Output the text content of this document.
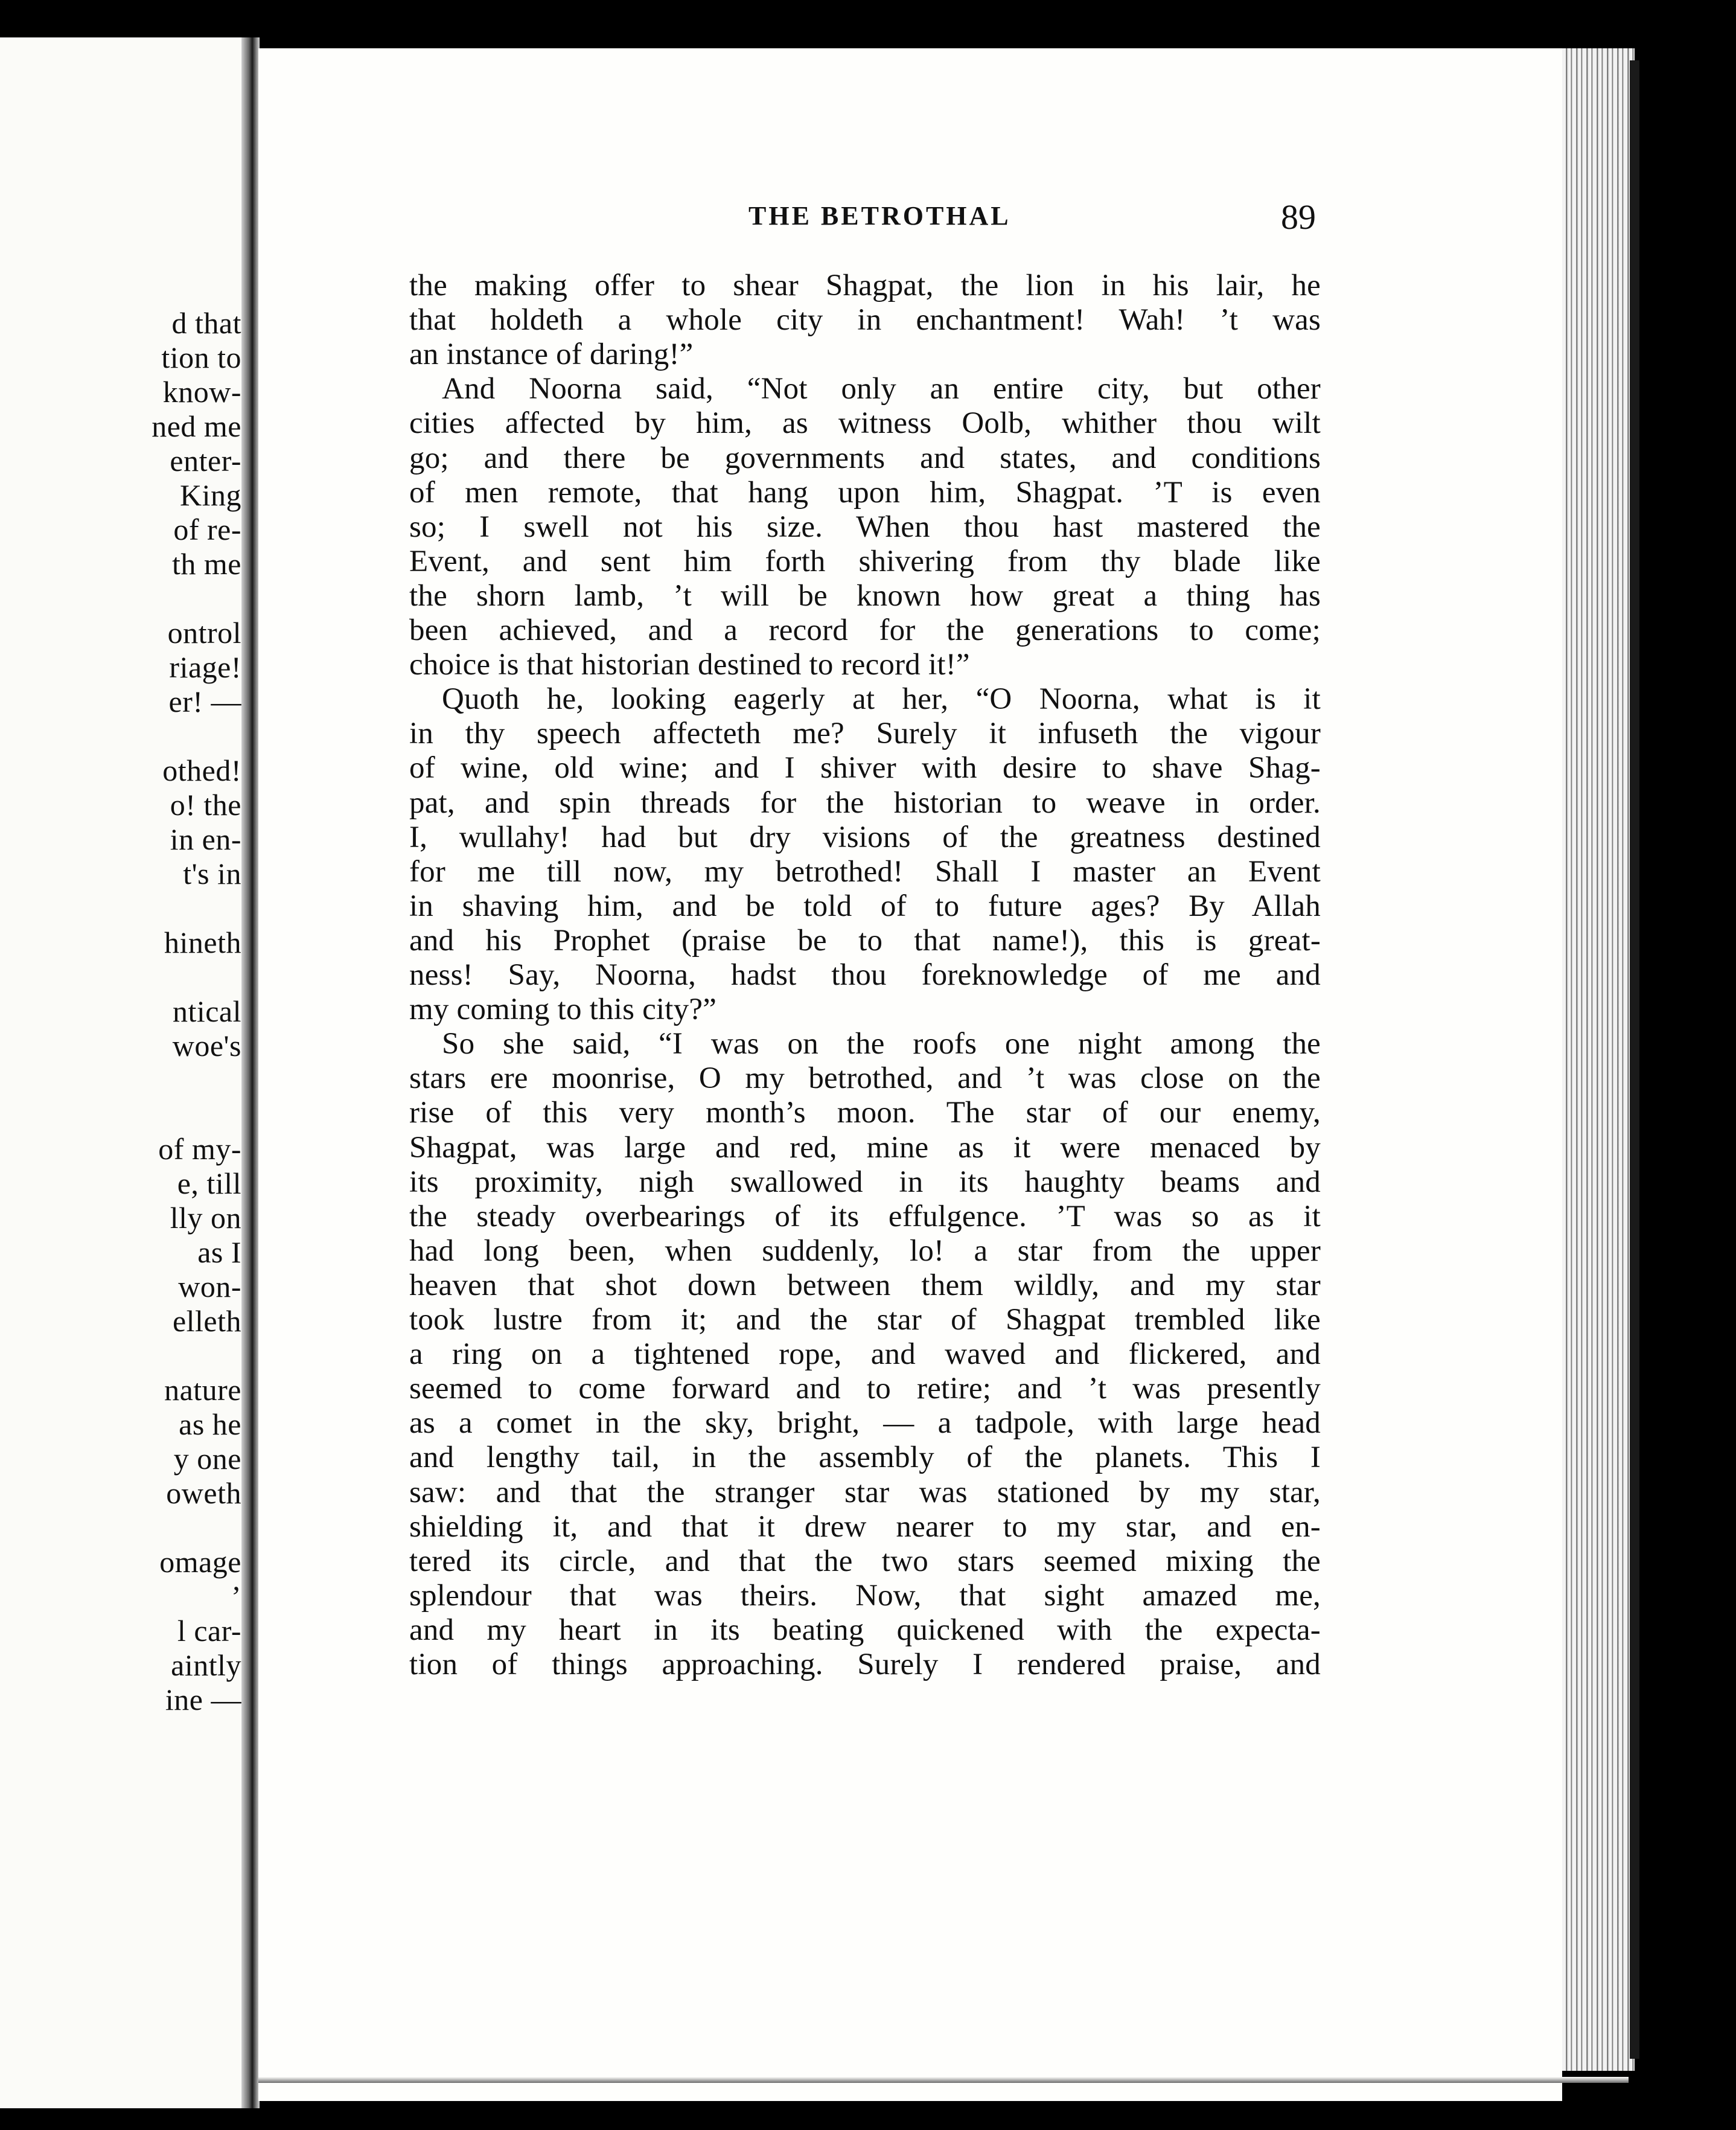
d that
tion to
know-
ned me
enter-
King
of re-
th me
ontrol
riage!
er! —
othed!
o! the
in en-
t's in
hineth
ntical
woe's
of my-
e, till
lly on
as I
won-
elleth
nature
as he
y one
oweth
omage
’
l car-
aintly
ine —
THE BETROTHAL	89
the making offer to shear Shagpat, the lion in his lair, he
that holdeth a whole city in enchantment! Wah! ’t was
an instance of daring!”
And Noorna said, “Not only an entire city, but other
cities affected by him, as witness Oolb, whither thou wilt
go; and there be governments and states, and conditions
of men remote, that hang upon him, Shagpat. ’T is even
so; I swell not his size. When thou hast mastered the
Event, and sent him forth shivering from thy blade like
the shorn lamb, ’t will be known how great a thing has
been achieved, and a record for the generations to come;
choice is that historian destined to record it!”
Quoth he, looking eagerly at her, “O Noorna, what is it
in thy speech affecteth me? Surely it infuseth the vigour
of wine, old wine; and I shiver with desire to shave Shag-
pat, and spin threads for the historian to weave in order.
I, wullahy! had but dry visions of the greatness destined
for me till now, my betrothed! Shall I master an Event
in shaving him, and be told of to future ages? By Allah
and his Prophet (praise be to that name!), this is great-
ness! Say, Noorna, hadst thou foreknowledge of me and
my coming to this city?”
So she said, “I was on the roofs one night among the
stars ere moonrise, O my betrothed, and ’t was close on the
rise of this very month’s moon. The star of our enemy,
Shagpat, was large and red, mine as it were menaced by
its proximity, nigh swallowed in its haughty beams and
the steady overbearings of its effulgence. ’T was so as it
had long been, when suddenly, lo! a star from the upper
heaven that shot down between them wildly, and my star
took lustre from it; and the star of Shagpat trembled like
a ring on a tightened rope, and waved and flickered, and
seemed to come forward and to retire; and ’t was presently
as a comet in the sky, bright, — a tadpole, with large head
and lengthy tail, in the assembly of the planets. This I
saw: and that the stranger star was stationed by my star,
shielding it, and that it drew nearer to my star, and en-
tered its circle, and that the two stars seemed mixing the
splendour that was theirs. Now, that sight amazed me,
and my heart in its beating quickened with the expecta-
tion of things approaching. Surely I rendered praise, and
